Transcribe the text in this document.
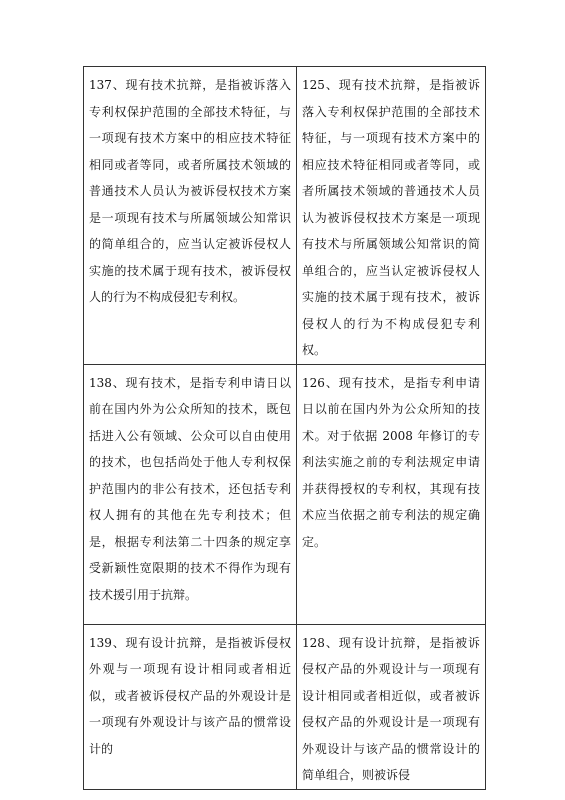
137、现有技术抗辩，是指被诉落入专利权保护范围的全部技术特征，与一项现有技术方案中的相应技术特征相同或者等同，或者所属技术领域的普通技术人员认为被诉侵权技术方案是一项现有技术与所属领域公知常识的简单组合的，应当认定被诉侵权人实施的技术属于现有技术，被诉侵权人的行为不构成侵犯专利权。	125、现有技术抗辩，是指被诉落入专利权保护范围的全部技术特征，与一项现有技术方案中的相应技术特征相同或者等同，或者所属技术领域的普通技术人员认为被诉侵权技术方案是一项现有技术与所属领域公知常识的简单组合的，应当认定被诉侵权人实施的技术属于现有技术，被诉侵权人的行为不构成侵犯专利权。

138、现有技术，是指专利申请日以前在国内外为公众所知的技术，既包括进入公有领域、公众可以自由使用的技术，也包括尚处于他人专利权保护范围内的非公有技术，还包括专利权人拥有的其他在先专利技术；但是，根据专利法第二十四条的规定享受新颖性宽限期的技术不得作为现有技术援引用于抗辩。	126、现有技术，是指专利申请日以前在国内外为公众所知的技术。对于依据 2008 年修订的专利法实施之前的专利法规定申请并获得授权的专利权，其现有技术应当依据之前专利法的规定确定。

139、现有设计抗辩，是指被诉侵权外观与一项现有设计相同或者相近似，或者被诉侵权产品的外观设计是一项现有外观设计与该产品的惯常设计的	128、现有设计抗辩，是指被诉侵权产品的外观设计与一项现有设计相同或者相近似，或者被诉侵权产品的外观设计是一项现有外观设计与该产品的惯常设计的简单组合，则被诉侵
